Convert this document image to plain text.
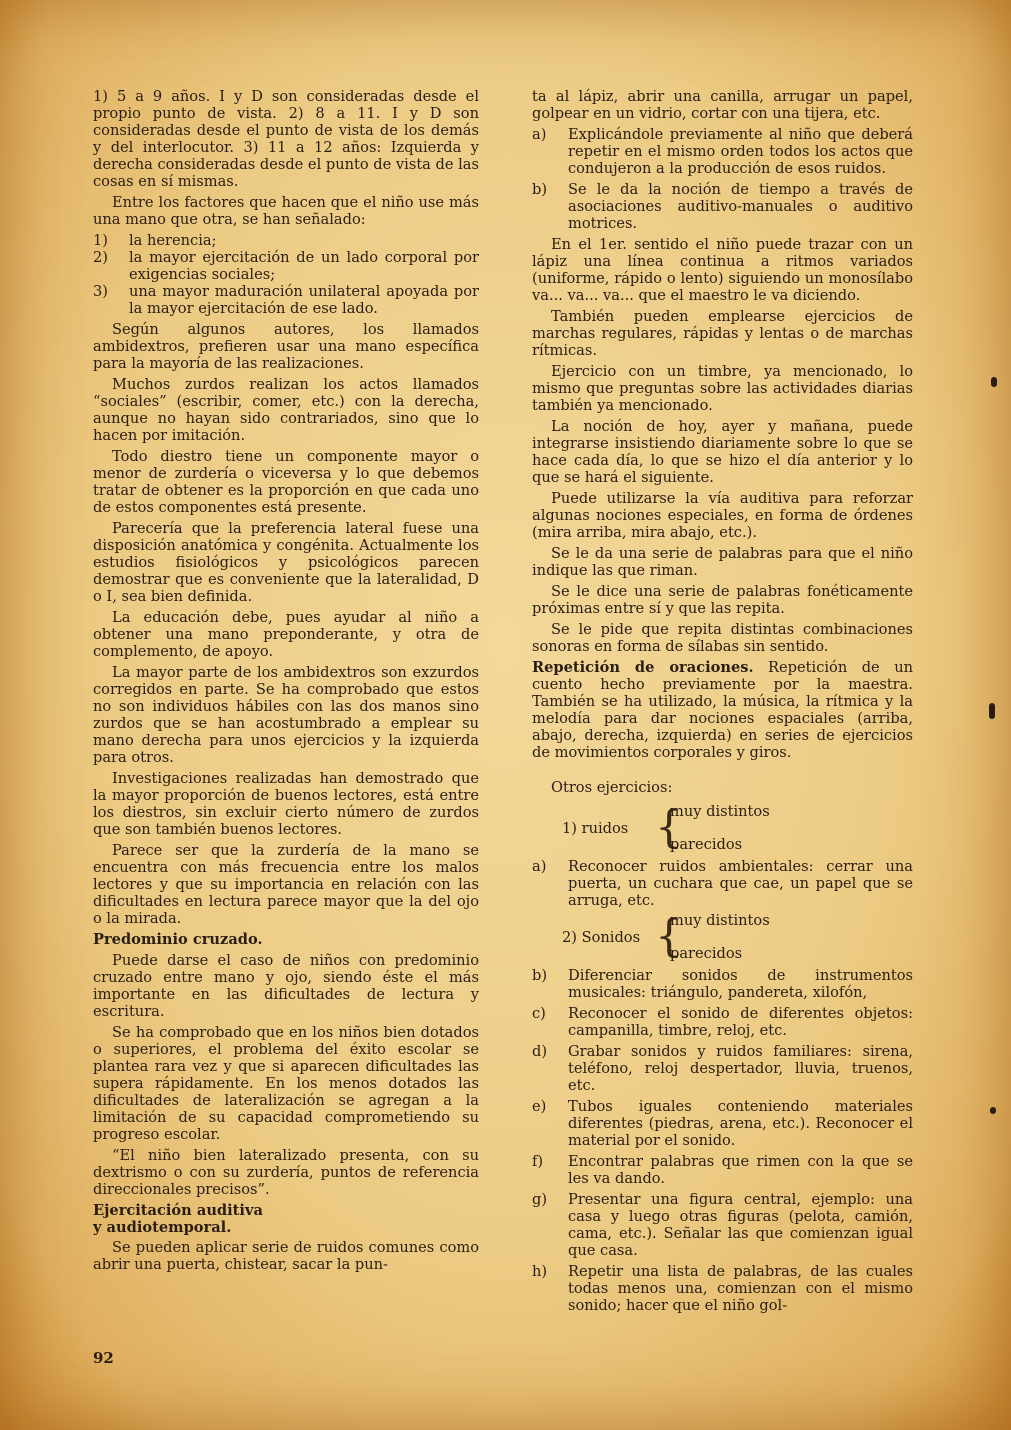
1) 5 a 9 años. I y D son consideradas desde el propio punto de vista. 2) 8 a 11. I y D son consideradas desde el punto de vista de los demás y del interlocutor. 3) 11 a 12 años: Izquierda y derecha consideradas desde el punto de vista de las cosas en sí mismas.

Entre los factores que hacen que el niño use más una mano que otra, se han señalado:

1)	la herencia;
2)	la mayor ejercitación de un lado corporal por exigencias sociales;
3)	una mayor maduración unilateral apoyada por la mayor ejercitación de ese lado.

Según algunos autores, los llamados ambidextros, prefieren usar una mano específica para la mayoría de las realizaciones.

Muchos zurdos realizan los actos llamados “sociales” (escribir, comer, etc.) con la derecha, aunque no hayan sido contrariados, sino que lo hacen por imitación.

Todo diestro tiene un componente mayor o menor de zurdería o viceversa y lo que debemos tratar de obtener es la proporción en que cada uno de estos componentes está presente.

Parecería que la preferencia lateral fuese una disposición anatómica y congénita. Actualmente los estudios fisiológicos y psicológicos parecen demostrar que es conveniente que la lateralidad, D o I, sea bien definida.

La educación debe, pues ayudar al niño a obtener una mano preponderante, y otra de complemento, de apoyo.

La mayor parte de los ambidextros son exzurdos corregidos en parte. Se ha comprobado que estos no son individuos hábiles con las dos manos sino zurdos que se han acostumbrado a emplear su mano derecha para unos ejercicios y la izquierda para otros.

Investigaciones realizadas han demostrado que la mayor proporción de buenos lectores, está entre los diestros, sin excluir cierto número de zurdos que son también buenos lectores.

Parece ser que la zurdería de la mano se encuentra con más frecuencia entre los malos lectores y que su importancia en relación con las dificultades en lectura parece mayor que la del ojo o la mirada.

Predominio cruzado.

Puede darse el caso de niños con predominio cruzado entre mano y ojo, siendo éste el más importante en las dificultades de lectura y escritura.

Se ha comprobado que en los niños bien dotados o superiores, el problema del éxito escolar se plantea rara vez y que si aparecen dificultades las supera rápidamente. En los menos dotados las dificultades de lateralización se agregan a la limitación de su capacidad comprometiendo su progreso escolar.

“El niño bien lateralizado presenta, con su dextrismo o con su zurdería, puntos de referencia direccionales precisos”.

Ejercitación auditiva
y audiotemporal.

Se pueden aplicar serie de ruidos comunes como abrir una puerta, chistear, sacar la pun-

ta al lápiz, abrir una canilla, arrugar un papel, golpear en un vidrio, cortar con una tijera, etc.

a)	Explicándole previamente al niño que deberá repetir en el mismo orden todos los actos que condujeron a la producción de esos ruidos.
b)	Se le da la noción de tiempo a través de asociaciones auditivo-manuales o auditivo motrices.

En el 1er. sentido el niño puede trazar con un lápiz una línea continua a ritmos variados (uniforme, rápido o lento) siguiendo un monosílabo va... va... va... que el maestro le va diciendo.

También pueden emplearse ejercicios de marchas regulares, rápidas y lentas o de marchas rítmicas.

Ejercicio con un timbre, ya mencionado, lo mismo que preguntas sobre las actividades diarias también ya mencionado.

La noción de hoy, ayer y mañana, puede integrarse insistiendo diariamente sobre lo que se hace cada día, lo que se hizo el día anterior y lo que se hará el siguiente.

Puede utilizarse la vía auditiva para reforzar algunas nociones especiales, en forma de órdenes (mira arriba, mira abajo, etc.).

Se le da una serie de palabras para que el niño indique las que riman.

Se le dice una serie de palabras fonéticamente próximas entre sí y que las repita.

Se le pide que repita distintas combinaciones sonoras en forma de sílabas sin sentido.

Repetición de oraciones. Repetición de un cuento hecho previamente por la maestra. También se ha utilizado, la música, la rítmica y la melodía para dar nociones espaciales (arriba, abajo, derecha, izquierda) en series de ejercicios de movimientos corporales y giros.

Otros ejercicios:

1) ruidos {
muy distintos
parecidos
a)	Reconocer ruidos ambientales: cerrar una puerta, un cuchara que cae, un papel que se arruga, etc.
2) Sonidos {
muy distintos
parecidos
b)	Diferenciar sonidos de instrumentos musicales: triángulo, pandereta, xilofón,
c)	Reconocer el sonido de diferentes objetos: campanilla, timbre, reloj, etc.
d)	Grabar sonidos y ruidos familiares: sirena, teléfono, reloj despertador, lluvia, truenos, etc.
e)	Tubos iguales conteniendo materiales diferentes (piedras, arena, etc.). Reconocer el material por el sonido.
f)	Encontrar palabras que rimen con la que se les va dando.
g)	Presentar una figura central, ejemplo: una casa y luego otras figuras (pelota, camión, cama, etc.). Señalar las que comienzan igual que casa.
h)	Repetir una lista de palabras, de las cuales todas menos una, comienzan con el mismo sonido; hacer que el niño gol-
92
